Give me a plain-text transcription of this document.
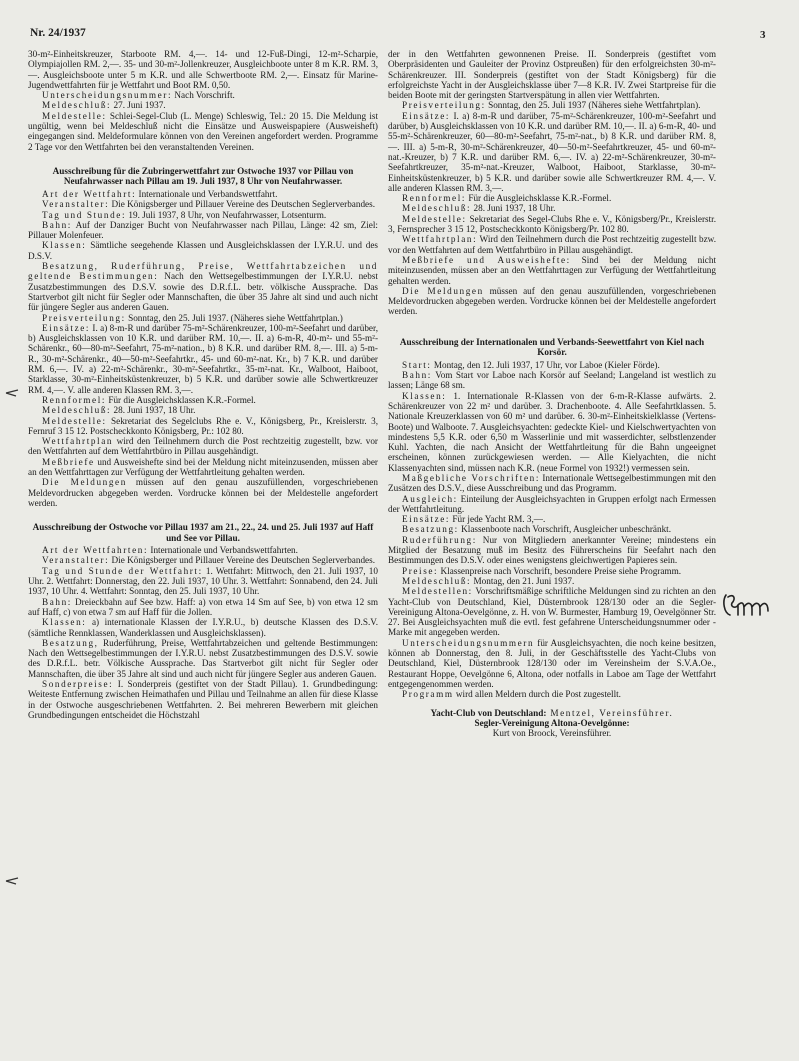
Nr. 24/1937	3

30-m²-Einheitskreuzer, Starboote RM. 4,—. 14- und 12-Fuß-Dingi, 12-m²-Scharpie, Olympiajollen RM. 2,—. 35- und 30-m²-Jollenkreuzer, Ausgleichboote unter 8 m K.R. RM. 3,—. Ausgleichsboote unter 5 m K.R. und alle Schwertboote RM. 2,—. Einsatz für Marine-Jugendwettfahrten für je Wettfahrt und Boot RM. 0,50.

Unterscheidungsnummer: Nach Vorschrift.

Meldeschluß: 27. Juni 1937.

Meldestelle: Schlei-Segel-Club (L. Menge) Schleswig, Tel.: 20 15. Die Meldung ist ungültig, wenn bei Meldeschluß nicht die Einsätze und Ausweispapiere (Ausweisheft) eingegangen sind. Meldeformulare können von den Vereinen angefordert werden. Programme 2 Tage vor den Wettfahrten bei den veranstaltenden Vereinen.

Ausschreibung für die Zubringerwettfahrt zur Ostwoche 1937 vor Pillau von Neufahrwasser nach Pillau am 19. Juli 1937, 8 Uhr von Neufahrwasser.

Art der Wettfahrt: Internationale und Verbandswettfahrt.

Veranstalter: Die Königsberger und Pillauer Vereine des Deutschen Seglerverbandes.

Tag und Stunde: 19. Juli 1937, 8 Uhr, von Neufahrwasser, Lotsenturm.

Bahn: Auf der Danziger Bucht von Neufahrwasser nach Pillau, Länge: 42 sm, Ziel: Pillauer Molenfeuer.

Klassen: Sämtliche seegehende Klassen und Ausgleichsklassen der I.Y.R.U. und des D.S.V.

Besatzung, Ruderführung, Preise, Wettfahrtabzeichen und geltende Bestimmungen: Nach den Wettsegelbestimmungen der I.Y.R.U. nebst Zusatzbestimmungen des D.S.V. sowie des D.R.f.L. betr. völkische Aussprache. Das Startverbot gilt nicht für Segler oder Mannschaften, die über 35 Jahre alt sind und auch nicht für jüngere Segler aus anderen Gauen.

Preisverteilung: Sonntag, den 25. Juli 1937. (Näheres siehe Wettfahrtplan.)

Einsätze: I. a) 8-m-R und darüber 75-m²-Schärenkreuzer, 100-m²-Seefahrt und darüber, b) Ausgleichsklassen von 10 K.R. und darüber RM. 10,—. II. a) 6-m-R, 40-m²- und 55-m²-Schärenkr., 60—80-m²-Seefahrt, 75-m²-nation., b) 8 K.R. und darüber RM. 8,—. III. a) 5-m-R., 30-m²-Schärenkr., 40—50-m²-Seefahrtkr., 45- und 60-m²-nat. Kr., b) 7 K.R. und darüber RM. 6,—. IV. a) 22-m²-Schärenkr., 30-m²-Seefahrtkr., 35-m²-nat. Kr., Walboot, Haiboot, Starklasse, 30-m²-Einheitsküstenkreuzer, b) 5 K.R. und darüber sowie alle Schwertkreuzer RM. 4,—. V. alle anderen Klassen RM. 3,—.

Rennformel: Für die Ausgleichsklassen K.R.-Formel.

Meldeschluß: 28. Juni 1937, 18 Uhr.

Meldestelle: Sekretariat des Segelclubs Rhe e. V., Königsberg, Pr., Kreislerstr. 3, Fernruf 3 15 12. Postscheckkonto Königsberg, Pr.: 102 80.

Wettfahrtplan wird den Teilnehmern durch die Post rechtzeitig zugestellt, bzw. vor den Wettfahrten auf dem Wettfahrtbüro in Pillau ausgehändigt.

Meßbriefe und Ausweishefte sind bei der Meldung nicht miteinzusenden, müssen aber an den Wettfahrttagen zur Verfügung der Wettfahrtleitung gehalten werden.

Die Meldungen müssen auf den genau auszufüllenden, vorgeschriebenen Meldevordrucken abgegeben werden. Vordrucke können bei der Meldestelle angefordert werden.

Ausschreibung der Ostwoche vor Pillau 1937 am 21., 22., 24. und 25. Juli 1937 auf Haff und See vor Pillau.

Art der Wettfahrten: Internationale und Verbandswettfahrten.

Veranstalter: Die Königsberger und Pillauer Vereine des Deutschen Seglerverbandes.

Tag und Stunde der Wettfahrt: 1. Wettfahrt: Mittwoch, den 21. Juli 1937, 10 Uhr. 2. Wettfahrt: Donnerstag, den 22. Juli 1937, 10 Uhr. 3. Wettfahrt: Sonnabend, den 24. Juli 1937, 10 Uhr. 4. Wettfahrt: Sonntag, den 25. Juli 1937, 10 Uhr.

Bahn: Dreieckbahn auf See bzw. Haff: a) von etwa 14 Sm auf See, b) von etwa 12 sm auf Haff, c) von etwa 7 sm auf Haff für die Jollen.

Klassen: a) internationale Klassen der I.Y.R.U., b) deutsche Klassen des D.S.V. (sämtliche Rennklassen, Wanderklassen und Ausgleichsklassen).

Besatzung, Ruderführung, Preise, Wettfahrtabzeichen und geltende Bestimmungen: Nach den Wettsegelbestimmungen der I.Y.R.U. nebst Zusatzbestimmungen des D.S.V. sowie des D.R.f.L. betr. Völkische Aussprache. Das Startverbot gilt nicht für Segler oder Mannschaften, die über 35 Jahre alt sind und auch nicht für jüngere Segler aus anderen Gauen.

Sonderpreise: I. Sonderpreis (gestiftet von der Stadt Pillau). 1. Grundbedingung: Weiteste Entfernung zwischen Heimathafen und Pillau und Teilnahme an allen für diese Klasse in der Ostwoche ausgeschriebenen Wettfahrten. 2. Bei mehreren Bewerbern mit gleichen Grundbedingungen entscheidet die Höchstzahl

der in den Wettfahrten gewonnenen Preise. II. Sonderpreis (gestiftet vom Oberpräsidenten und Gauleiter der Provinz Ostpreußen) für den erfolgreichsten 30-m²-Schärenkreuzer. III. Sonderpreis (gestiftet von der Stadt Königsberg) für die erfolgreichste Yacht in der Ausgleichsklasse über 7—8 K.R. IV. Zwei Startpreise für die beiden Boote mit der geringsten Startverspätung in allen vier Wettfahrten.

Preisverteilung: Sonntag, den 25. Juli 1937 (Näheres siehe Wettfahrtplan).

Einsätze: I. a) 8-m-R und darüber, 75-m²-Schärenkreuzer, 100-m²-Seefahrt und darüber, b) Ausgleichsklassen von 10 K.R. und darüber RM. 10,—. II. a) 6-m-R, 40- und 55-m²-Schärenkreuzer, 60—80-m²-Seefahrt, 75-m²-nat., b) 8 K.R. und darüber RM. 8,—. III. a) 5-m-R, 30-m²-Schärenkreuzer, 40—50-m²-Seefahrtkreuzer, 45- und 60-m²-nat.-Kreuzer, b) 7 K.R. und darüber RM. 6,—. IV. a) 22-m²-Schärenkreuzer, 30-m²-Seefahrtkreuzer, 35-m²-nat.-Kreuzer, Walboot, Haiboot, Starklasse, 30-m²-Einheitsküstenkreuzer, b) 5 K.R. und darüber sowie alle Schwertkreuzer RM. 4,—. V. alle anderen Klassen RM. 3,—.

Rennformel: Für die Ausgleichsklasse K.R.-Formel.

Meldeschluß: 28. Juni 1937, 18 Uhr.

Meldestelle: Sekretariat des Segel-Clubs Rhe e. V., Königsberg/Pr., Kreislerstr. 3, Fernsprecher 3 15 12, Postscheckkonto Königsberg/Pr. 102 80.

Wettfahrtplan: Wird den Teilnehmern durch die Post rechtzeitig zugestellt bzw. vor den Wettfahrten auf dem Wettfahrtbüro in Pillau ausgehändigt.

Meßbriefe und Ausweishefte: Sind bei der Meldung nicht miteinzusenden, müssen aber an den Wettfahrttagen zur Verfügung der Wettfahrtleitung gehalten werden.

Die Meldungen müssen auf den genau auszufüllenden, vorgeschriebenen Meldevordrucken abgegeben werden. Vordrucke können bei der Meldestelle angefordert werden.

Ausschreibung der Internationalen und Verbands-Seewettfahrt von Kiel nach Korsör.

Start: Montag, den 12. Juli 1937, 17 Uhr, vor Laboe (Kieler Förde).

Bahn: Vom Start vor Laboe nach Korsör auf Seeland; Langeland ist westlich zu lassen; Länge 68 sm.

Klassen: 1. Internationale R-Klassen von der 6-m-R-Klasse aufwärts. 2. Schärenkreuzer von 22 m² und darüber. 3. Drachenboote. 4. Alle Seefahrtklassen. 5. Nationale Kreuzerklassen von 60 m² und darüber. 6. 30-m²-Einheitskielklasse (Vertens-Boote) und Walboote. 7. Ausgleichsyachten: gedeckte Kiel- und Kielschwertyachten von mindestens 5,5 K.R. oder 6,50 m Wasserlinie und mit wasserdichter, selbstlenzender Kuhl. Yachten, die nach Ansicht der Wettfahrtleitung für die Bahn ungeeignet erscheinen, können zurückgewiesen werden. — Alle Kielyachten, die nicht Klassenyachten sind, müssen nach K.R. (neue Formel von 1932!) vermessen sein.

Maßgebliche Vorschriften: Internationale Wettsegelbestimmungen mit den Zusätzen des D.S.V., diese Ausschreibung und das Programm.

Ausgleich: Einteilung der Ausgleichsyachten in Gruppen erfolgt nach Ermessen der Wettfahrtleitung.

Einsätze: Für jede Yacht RM. 3,—.

Besatzung: Klassenboote nach Vorschrift, Ausgleicher unbeschränkt.

Ruderführung: Nur von Mitgliedern anerkannter Vereine; mindestens ein Mitglied der Besatzung muß im Besitz des Führerscheins für Seefahrt nach den Bestimmungen des D.S.V. oder eines wenigstens gleichwertigen Papieres sein.

Preise: Klassenpreise nach Vorschrift, besondere Preise siehe Programm.

Meldeschluß: Montag, den 21. Juni 1937.

Meldestellen: Vorschriftsmäßige schriftliche Meldungen sind zu richten an den Yacht-Club von Deutschland, Kiel, Düsternbrook 128/130 oder an die Segler-Vereinigung Altona-Oevelgönne, z. H. von W. Burmester, Hamburg 19, Oevelgönner Str. 27. Bei Ausgleichsyachten muß die evtl. fest gefahrene Unterscheidungsnummer oder -Marke mit angegeben werden.

Unterscheidungsnummern für Ausgleichsyachten, die noch keine besitzen, können ab Donnerstag, den 8. Juli, in der Geschäftsstelle des Yacht-Clubs von Deutschland, Kiel, Düsternbrook 128/130 oder im Vereinsheim der S.V.A.Oe., Restaurant Hoppe, Oevelgönne 6, Altona, oder notfalls in Laboe am Tage der Wettfahrt entgegengenommen werden.

Programm wird allen Meldern durch die Post zugestellt.

Yacht-Club von Deutschland: Mentzel, Vereinsführer.

Segler-Vereinigung Altona-Oevelgönne:

Kurt von Broock, Vereinsführer.
